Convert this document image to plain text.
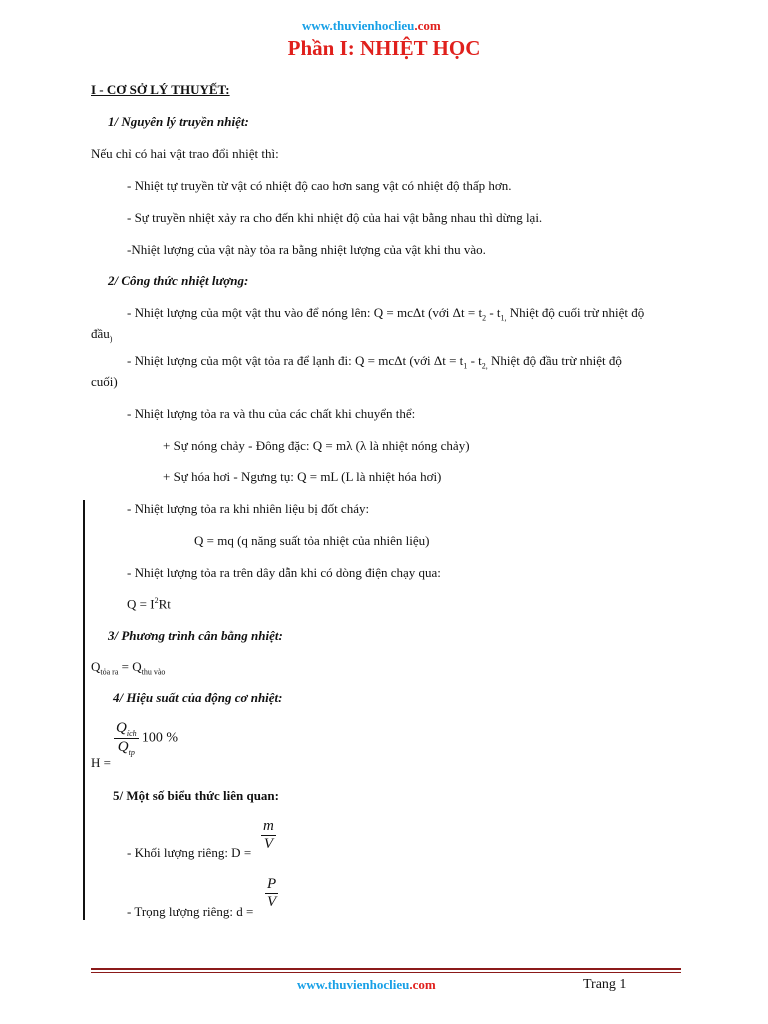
www.thuvienhoclieu.com
Phần I: NHIỆT HỌC
I - CƠ SỞ LÝ THUYẾT:
1/ Nguyên lý truyền nhiệt:
Nếu chỉ có hai vật trao đổi nhiệt thì:
- Nhiệt tự truyền từ vật có nhiệt độ cao hơn sang vật có nhiệt độ thấp hơn.
- Sự truyền nhiệt xảy ra cho đến khi nhiệt độ của hai vật bằng nhau thì dừng lại.
-Nhiệt lượng của vật này tỏa ra bằng nhiệt lượng của vật khi thu vào.
2/ Công thức nhiệt lượng:
- Nhiệt lượng của một vật thu vào để nóng lên: Q = mcΔt (với $\Delta t = t_2 - t_{1,}$ Nhiệt độ cuối trừ nhiệt độ
đầu$_)$
- Nhiệt lượng của một vật tỏa ra để lạnh đi: Q = mcΔt (với $\Delta t = t_1 - t_{2,}$ Nhiệt độ đầu trừ nhiệt độ
cuối)
- Nhiệt lượng tỏa ra và thu của các chất khi chuyển thể:
+ Sự nóng chảy - Đông đặc: Q = mλ (λ là nhiệt nóng chảy)
+ Sự hóa hơi - Ngưng tụ: Q = mL (L là nhiệt hóa hơi)
- Nhiệt lượng tỏa ra khi nhiên liệu bị đốt cháy:
Q = mq (q năng suất tỏa nhiệt của nhiên liệu)
- Nhiệt lượng tỏa ra trên dây dẫn khi có dòng điện chạy qua:
$Q = I^2Rt$
3/ Phương trình cân bằng nhiệt:
$Q_{tỏa ra} = Q_{thu vào}$
4/ Hiệu suất của động cơ nhiệt:
H =
$\frac{Q_{ích}}{Q_{tp}} 100$ %
5/ Một số biểu thức liên quan:
- Khối lượng riêng: $D = \frac{m}{V}$
- Trọng lượng riêng: d =
$\frac{P}{V}$
www.thuvienhoclieu.com	Trang 1
